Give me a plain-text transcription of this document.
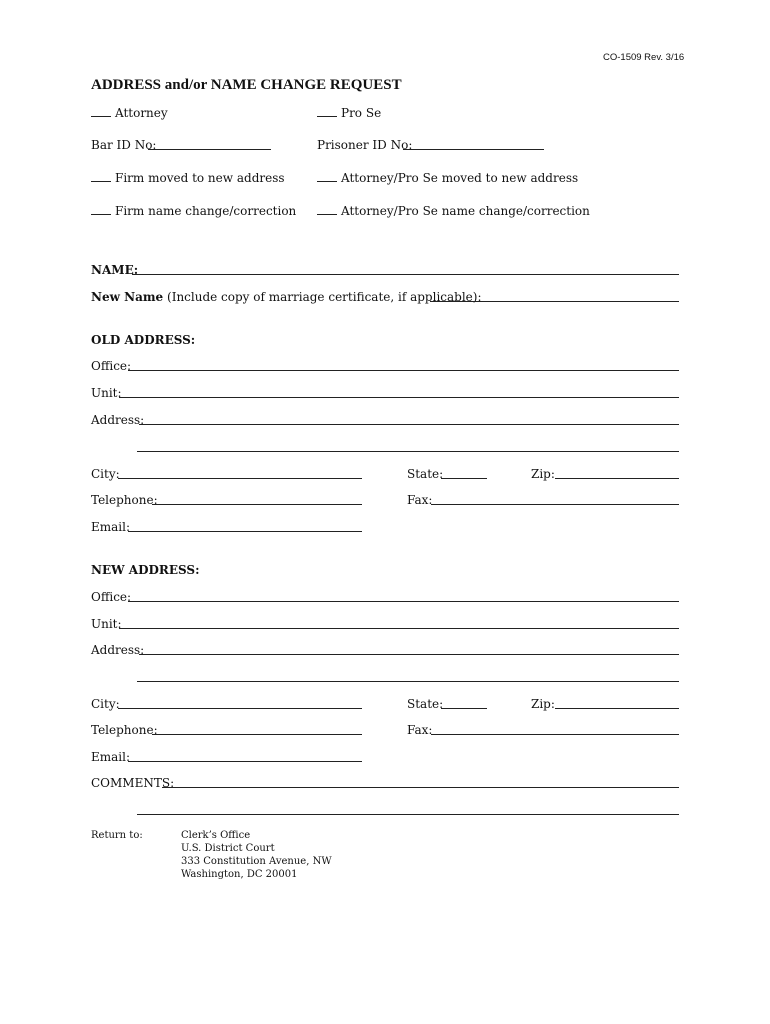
CO-1509 Rev. 3/16
ADDRESS and/or NAME CHANGE REQUEST
Attorney	Pro Se
Bar ID No:	Prisoner ID No:
Firm moved to new address	Attorney/Pro Se moved to new address
Firm name change/correction	Attorney/Pro Se name change/correction
NAME:
New Name (Include copy of marriage certificate, if applicable):
OLD ADDRESS:
Office:
Unit:
Address:
City:	State:	Zip:
Telephone:	Fax:
Email:
NEW ADDRESS:
Office:
Unit:
Address:
City:	State:	Zip:
Telephone:	Fax:
Email:
COMMENTS:
Return to:	Clerk’s Office
U.S. District Court
333 Constitution Avenue, NW
Washington, DC 20001
